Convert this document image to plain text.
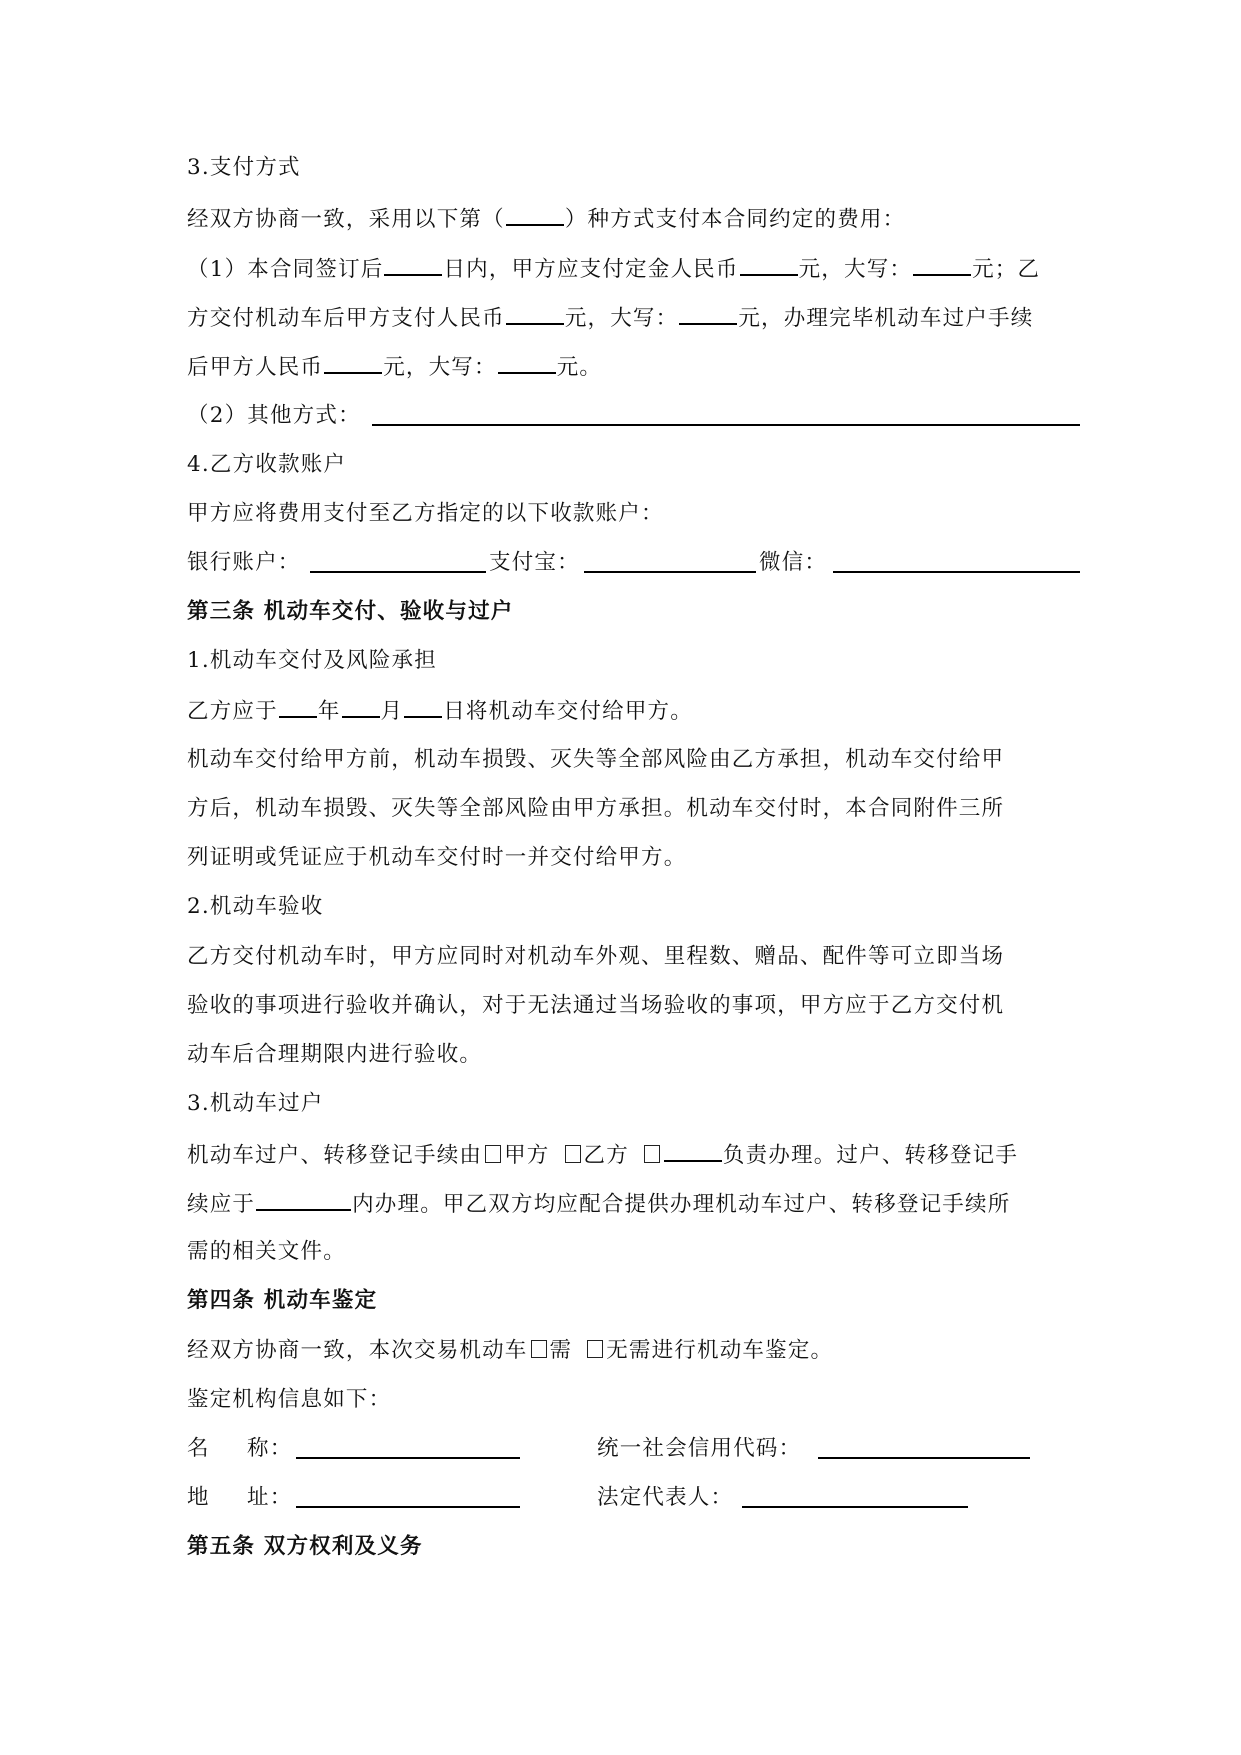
3.支付方式
经双方协商一致，采用以下第（	）种方式支付本合同约定的费用：
（1）本合同签订后	日内，甲方应支付定金人民币	元，大写：	元；乙
方交付机动车后甲方支付人民币	元，大写：	元，办理完毕机动车过户手续
后甲方人民币	元，大写：	元。
（2）其他方式：
4.乙方收款账户
甲方应将费用支付至乙方指定的以下收款账户：
银行账户：	支付宝：	微信：
第三条 机动车交付、验收与过户
1.机动车交付及风险承担
乙方应于 年 月 日将机动车交付给甲方。
机动车交付给甲方前，机动车损毁、灭失等全部风险由乙方承担，机动车交付给甲
方后，机动车损毁、灭失等全部风险由甲方承担。机动车交付时，本合同附件三所
列证明或凭证应于机动车交付时一并交付给甲方。
2.机动车验收
乙方交付机动车时，甲方应同时对机动车外观、里程数、赠品、配件等可立即当场
验收的事项进行验收并确认，对于无法通过当场验收的事项，甲方应于乙方交付机
动车后合理期限内进行验收。
3.机动车过户
机动车过户、转移登记手续由 甲方 乙方	负责办理。过户、转移登记手
续应于	内办理。甲乙双方均应配合提供办理机动车过户、转移登记手续所
需的相关文件。
第四条 机动车鉴定
经双方协商一致，本次交易机动车 需 无需进行机动车鉴定。
鉴定机构信息如下：
名 称：	统一社会信用代码：
地 址：	法定代表人：
第五条 双方权利及义务
